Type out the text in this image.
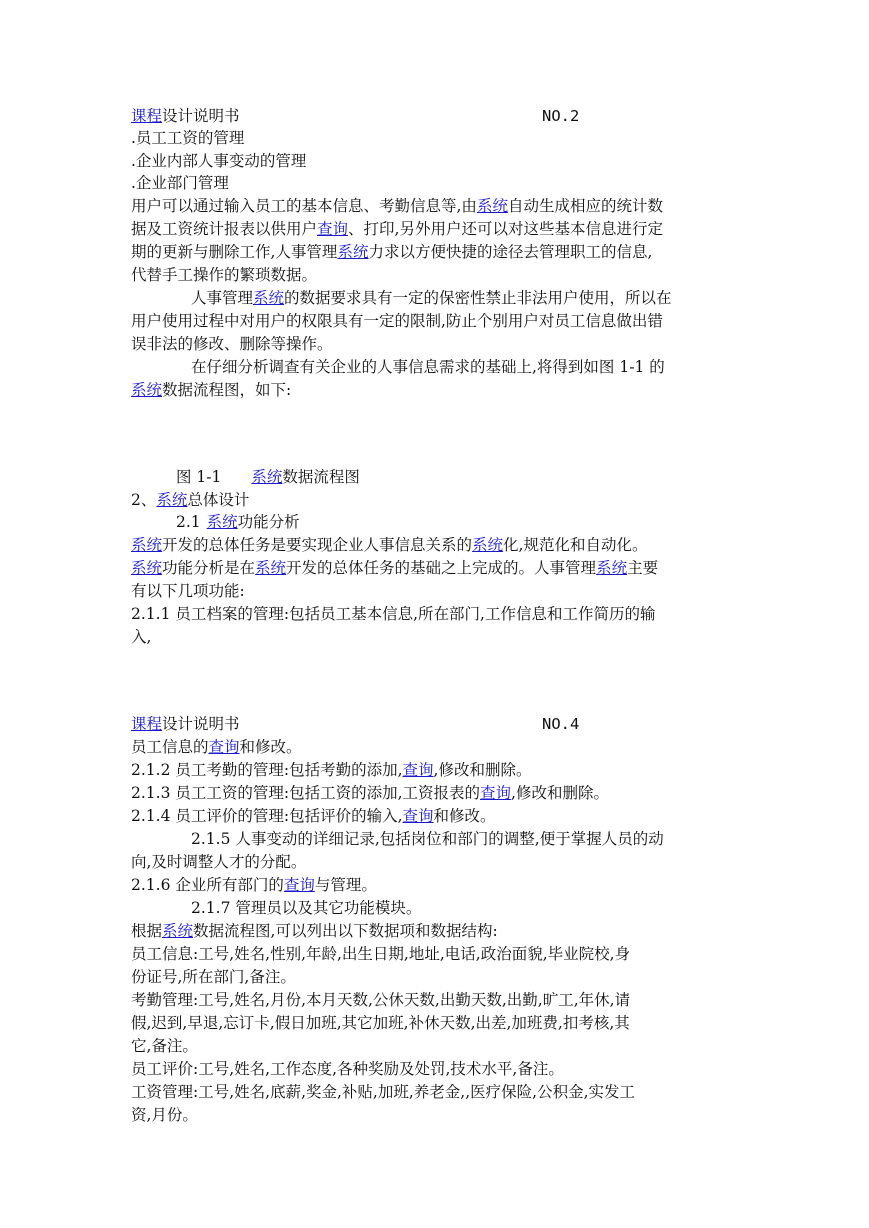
课程设计说明书	NO.2
.员工工资的管理
.企业内部人事变动的管理
.企业部门管理
用户可以通过输入员工的基本信息、考勤信息等,由系统自动生成相应的统计数
据及工资统计报表以供用户查询、打印,另外用户还可以对这些基本信息进行定
期的更新与删除工作,人事管理系统力求以方便快捷的途径去管理职工的信息,
代替手工操作的繁琐数据。
人事管理系统的数据要求具有一定的保密性禁止非法用户使用，所以在
用户使用过程中对用户的权限具有一定的限制,防止个别用户对员工信息做出错
误非法的修改、删除等操作。
在仔细分析调查有关企业的人事信息需求的基础上,将得到如图 1-1 的
系统数据流程图，如下:
图 1-1 系统数据流程图
2、系统总体设计
2.1 系统功能分析
系统开发的总体任务是要实现企业人事信息关系的系统化,规范化和自动化。
系统功能分析是在系统开发的总体任务的基础之上完成的。人事管理系统主要
有以下几项功能:
2.1.1 员工档案的管理:包括员工基本信息,所在部门,工作信息和工作简历的输
入,
课程设计说明书	NO.4
员工信息的查询和修改。
2.1.2 员工考勤的管理:包括考勤的添加,查询,修改和删除。
2.1.3 员工工资的管理:包括工资的添加,工资报表的查询,修改和删除。
2.1.4 员工评价的管理:包括评价的输入,查询和修改。
2.1.5 人事变动的详细记录,包括岗位和部门的调整,便于掌握人员的动
向,及时调整人才的分配。
2.1.6 企业所有部门的查询与管理。
2.1.7 管理员以及其它功能模块。
根据系统数据流程图,可以列出以下数据项和数据结构:
员工信息:工号,姓名,性别,年龄,出生日期,地址,电话,政治面貌,毕业院校,身
份证号,所在部门,备注。
考勤管理:工号,姓名,月份,本月天数,公休天数,出勤天数,出勤,旷工,年休,请
假,迟到,早退,忘订卡,假日加班,其它加班,补休天数,出差,加班费,扣考核,其
它,备注。
员工评价:工号,姓名,工作态度,各种奖励及处罚,技术水平,备注。
工资管理:工号,姓名,底薪,奖金,补贴,加班,养老金,,医疗保险,公积金,实发工
资,月份。
